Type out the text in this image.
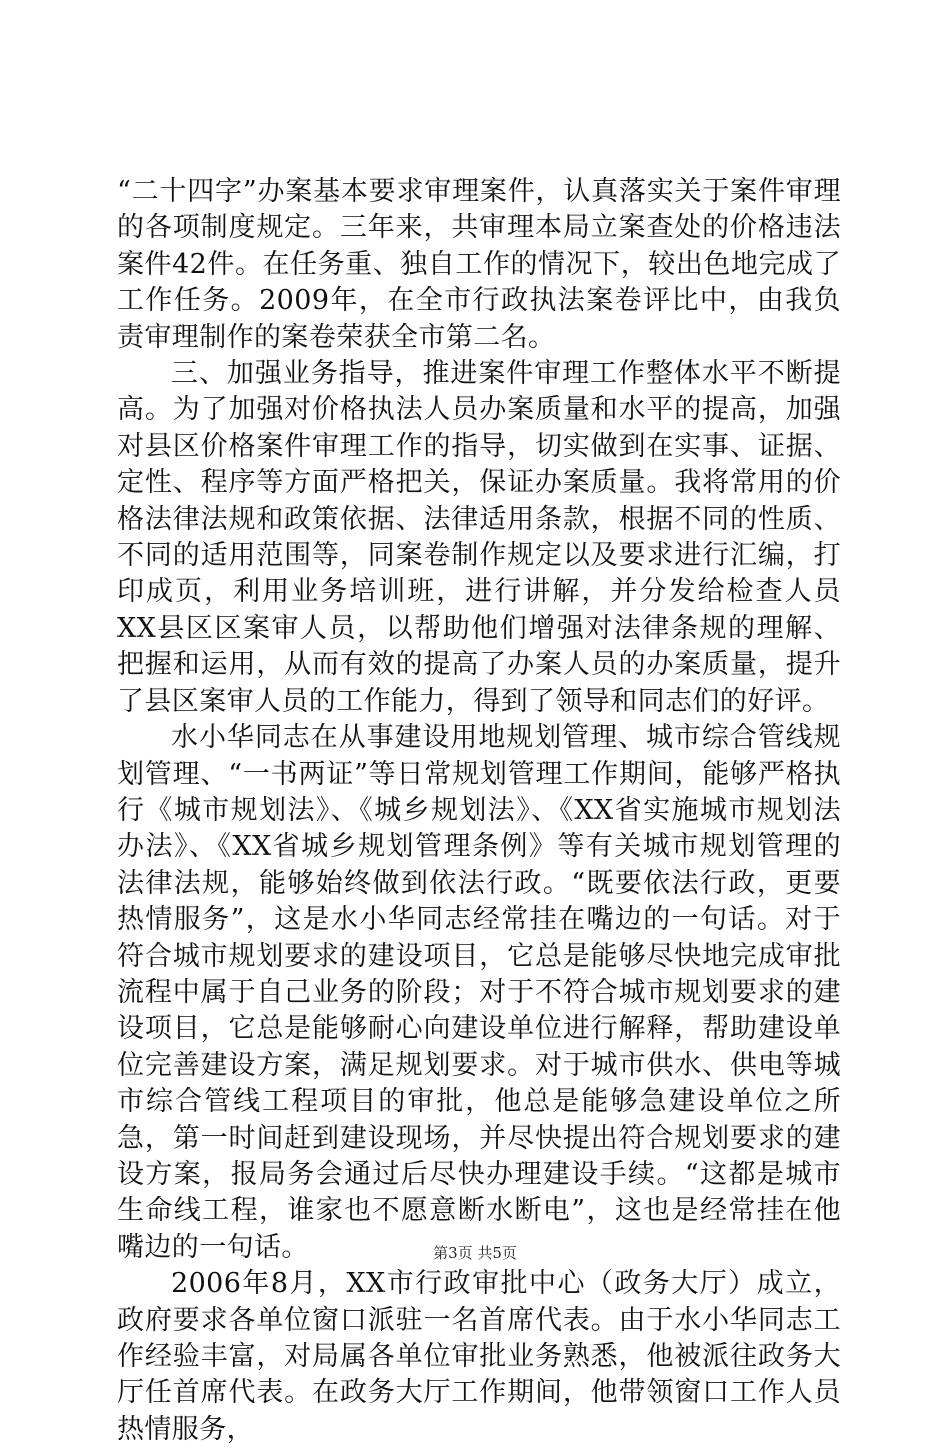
“二十四字”办案基本要求审理案件，认真落实关于案件审理的各项制度规定。三年来，共审理本局立案查处的价格违法案件42件。在任务重、独自工作的情况下，较出色地完成了工作任务。2009年，在全市行政执法案卷评比中，由我负责审理制作的案卷荣获全市第二名。

三、加强业务指导，推进案件审理工作整体水平不断提高。为了加强对价格执法人员办案质量和水平的提高，加强对县区价格案件审理工作的指导，切实做到在实事、证据、定性、程序等方面严格把关，保证办案质量。我将常用的价格法律法规和政策依据、法律适用条款，根据不同的性质、不同的适用范围等，同案卷制作规定以及要求进行汇编，打印成页，利用业务培训班，进行讲解，并分发给检查人员XX县区区案审人员，以帮助他们增强对法律条规的理解、把握和运用，从而有效的提高了办案人员的办案质量，提升了县区案审人员的工作能力，得到了领导和同志们的好评。

水小华同志在从事建设用地规划管理、城市综合管线规划管理、“一书两证”等日常规划管理工作期间，能够严格执行《城市规划法》、《城乡规划法》、《XX省实施城市规划法办法》、《XX省城乡规划管理条例》等有关城市规划管理的法律法规，能够始终做到依法行政。“既要依法行政，更要热情服务”，这是水小华同志经常挂在嘴边的一句话。对于符合城市规划要求的建设项目，它总是能够尽快地完成审批流程中属于自己业务的阶段；对于不符合城市规划要求的建设项目，它总是能够耐心向建设单位进行解释，帮助建设单位完善建设方案，满足规划要求。对于城市供水、供电等城市综合管线工程项目的审批，他总是能够急建设单位之所急，第一时间赶到建设现场，并尽快提出符合规划要求的建设方案，报局务会通过后尽快办理建设手续。“这都是城市生命线工程，谁家也不愿意断水断电”，这也是经常挂在他嘴边的一句话。

2006年8月，XX市行政审批中心（政务大厅）成立，政府要求各单位窗口派驻一名首席代表。由于水小华同志工作经验丰富，对局属各单位审批业务熟悉，他被派往政务大厅任首席代表。在政务大厅工作期间，他带领窗口工作人员热情服务，

第3页 共5页
